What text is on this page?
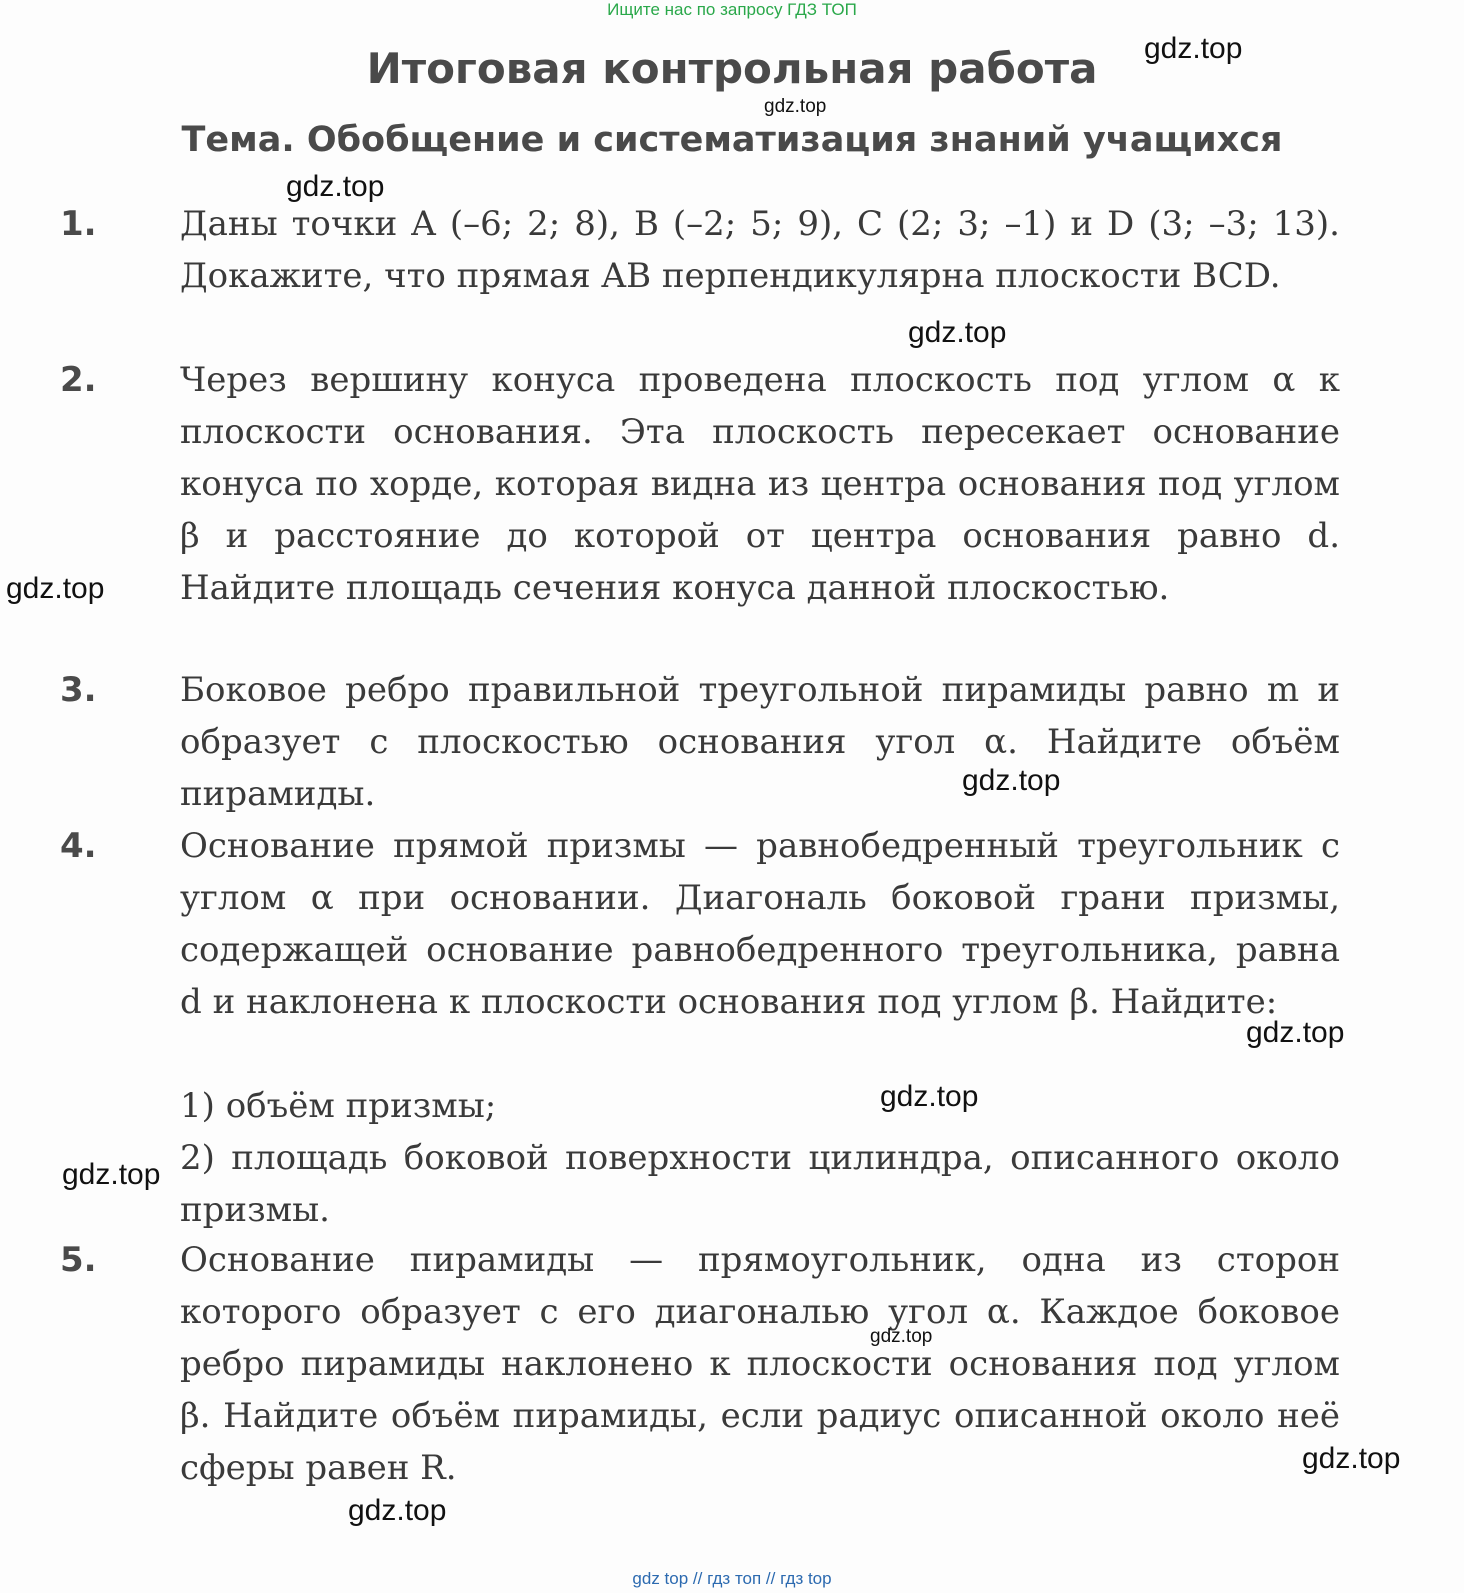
Ищите нас по запросу ГДЗ ТОП
Итоговая контрольная работа
Тема. Обобщение и систематизация знаний учащихся
1. Даны точки A (–6; 2; 8), B (–2; 5; 9), C (2; 3; –1) и D (3; –3; 13). Докажите, что прямая AB перпендикулярна плоскости BCD.
2. Через вершину конуса проведена плоскость под углом α к плоскости основания. Эта плоскость пересекает основание конуса по хорде, которая видна из центра основания под углом β и расстояние до которой от центра основания равно d. Найдите площадь сечения конуса данной плоскостью.
3. Боковое ребро правильной треугольной пирамиды равно m и образует с плоскостью основания угол α. Найдите объём пирамиды.
4. Основание прямой призмы — равнобедренный треугольник с углом α при основании. Диагональ боковой грани призмы, содержащей основание равнобедренного треугольника, равна d и наклонена к плоскости основания под углом β. Найдите:
1) объём призмы;
2) площадь боковой поверхности цилиндра, описанного около призмы.
5. Основание пирамиды — прямоугольник, одна из сторон которого образует с его диагональю угол α. Каждое боковое ребро пирамиды наклонено к плоскости основания под углом β. Найдите объём пирамиды, если радиус описанной около неё сферы равен R.
gdz.top
gdz.top
gdz.top
gdz.top
gdz.top
gdz.top
gdz.top
gdz.top
gdz.top
gdz.top
gdz.top
gdz.top
gdz top // гдз топ // гдз top
